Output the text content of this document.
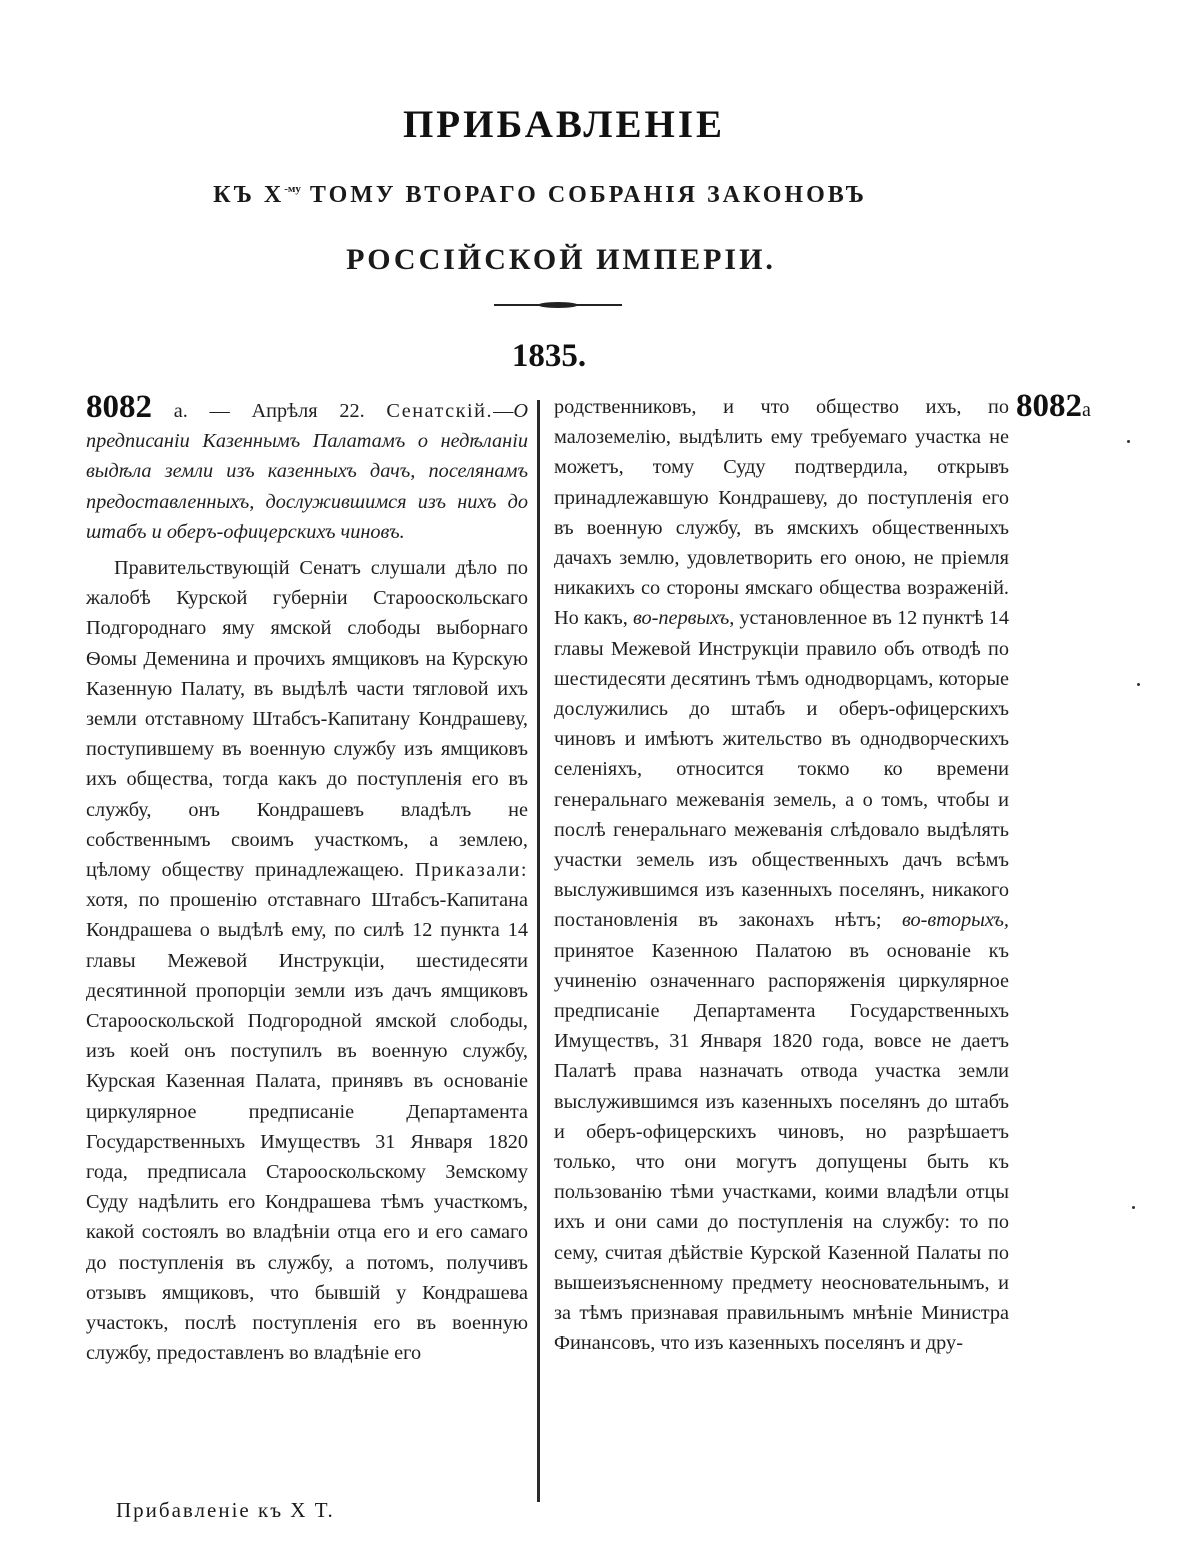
ПРИБАВЛЕНІЕ
КЪ $X^{-му}$ ТОМУ ВТОРАГО СОБРАНІЯ ЗАКОНОВЪ
РОССІЙСКОЙ ИМПЕРІИ.
1835.

8082 а. — Апрѣля 22. Сенатскій.—О предписаніи Казеннымъ Палатамъ о недѣланіи выдѣла земли изъ казенныхъ дачъ, поселянамъ предоставленныхъ, дослужившимся изъ нихъ до штабъ и оберъ-офицерскихъ чиновъ.

Правительствующій Сенатъ слушали дѣло по жалобѣ Курской губерніи Старооскольскаго Подгороднаго яму ямской слободы выборнаго Ѳомы Деменина и прочихъ ямщиковъ на Курскую Казенную Палату, въ выдѣлѣ части тягловой ихъ земли отставному Штабсъ-Капитану Кондрашеву, поступившему въ военную службу изъ ямщиковъ ихъ общества, тогда какъ до поступленія его въ службу, онъ Кондрашевъ владѣлъ не собственнымъ своимъ участкомъ, а землею, цѣлому обществу принадлежащею. Приказали: хотя, по прошенію отставнаго Штабсъ-Капитана Кондрашева о выдѣлѣ ему, по силѣ 12 пункта 14 главы Межевой Инструкціи, шестидесяти десятинной пропорціи земли изъ дачъ ямщиковъ Старооскольской Подгородной ямской слободы, изъ коей онъ поступилъ въ военную службу, Курская Казенная Палата, принявъ въ основаніе циркулярное предписаніе Департамента Государственныхъ Имуществъ 31 Января 1820 года, предписала Старооскольскому Земскому Суду надѣлить его Кондрашева тѣмъ участкомъ, какой состоялъ во владѣніи отца его и его самаго до поступленія въ службу, а потомъ, получивъ отзывъ ямщиковъ, что бывшій у Кондрашева участокъ, послѣ поступленія его въ военную службу, предоставленъ во владѣніе его

родственниковъ, и что общество ихъ, по малоземелію, выдѣлить ему требуемаго участка не можетъ, тому Суду подтвердила, открывъ принадлежавшую Кондрашеву, до поступленія его въ военную службу, въ ямскихъ общественныхъ дачахъ землю, удовлетворить его оною, не пріемля никакихъ со стороны ямскаго общества возраженій. Но какъ, во-первыхъ, установленное въ 12 пунктѣ 14 главы Межевой Инструкціи правило объ отводѣ по шестидесяти десятинъ тѣмъ однодворцамъ, которые дослужились до штабъ и оберъ-офицерскихъ чиновъ и имѣютъ жительство въ однодворческихъ селеніяхъ, относится токмо ко времени генеральнаго межеванія земель, а о томъ, чтобы и послѣ генеральнаго межеванія слѣдовало выдѣлять участки земель изъ общественныхъ дачъ всѣмъ выслужившимся изъ казенныхъ поселянъ, никакого постановленія въ законахъ нѣтъ; во-вторыхъ, принятое Казенною Палатою въ основаніе къ учиненію означеннаго распоряженія циркулярное предписаніе Департамента Государственныхъ Имуществъ, 31 Января 1820 года, вовсе не даетъ Палатѣ права назначать отвода участка земли выслужившимся изъ казенныхъ поселянъ до штабъ и оберъ-офицерскихъ чиновъ, но разрѣшаетъ только, что они могутъ допущены быть къ пользованію тѣми участками, коими владѣли отцы ихъ и они сами до поступленія на службу: то по сему, считая дѣйствіе Курской Казенной Палаты по вышеизъясненному предмету неосновательнымъ, и за тѣмъ признавая правильнымъ мнѣніе Министра Финансовъ, что изъ казенныхъ поселянъ и дру-

8082а
Прибавленіе къ X Т.
